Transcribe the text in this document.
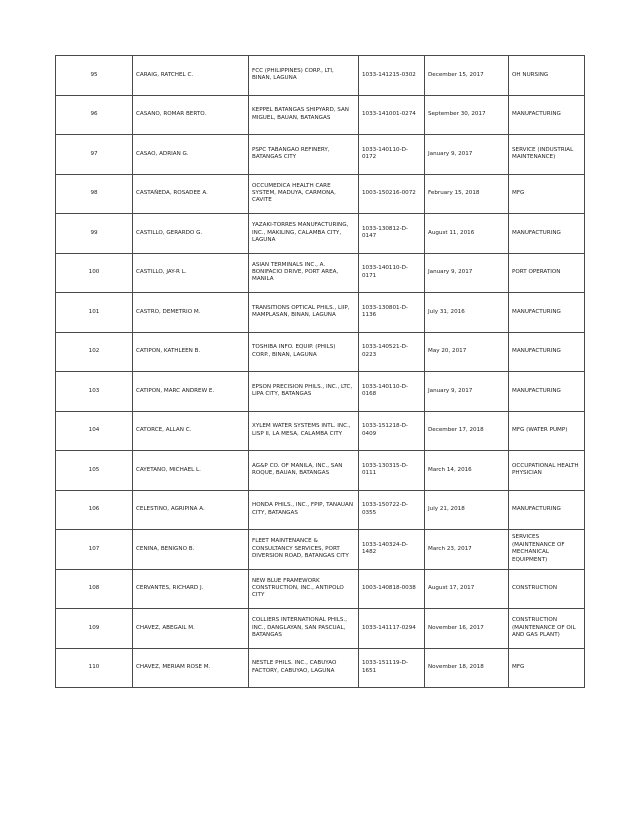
95	CARAIG, RATCHEL C.	FCC (PHILIPPINES) CORP., LTI, BINAN, LAGUNA	1033-141215-0302	December 15, 2017	OH NURSING
96	CASANO, ROMAR BERTO.	KEPPEL BATANGAS SHIPYARD, SAN MIGUEL, BAUAN, BATANGAS	1033-141001-0274	September 30, 2017	MANUFACTURING
97	CASAO, ADRIAN G.	PSPC TABANGAO REFINERY, BATANGAS CITY	1033-140110-D-0172	January 9, 2017	SERVICE (INDUSTRIAL MAINTENANCE)
98	CASTAÑEDA, ROSADEE A.	OCCUMEDICA HEALTH CARE SYSTEM, MADUYA, CARMONA, CAVITE	1003-150216-0072	February 15, 2018	MFG
99	CASTILLO, GERARDO G.	YAZAKI-TORRES MANUFACTURING, INC., MAKILING, CALAMBA CITY, LAGUNA	1033-130812-D-0147	August 11, 2016	MANUFACTURING
100	CASTILLO, JAY-R L.	ASIAN TERMINALS INC., A. BONIFACIO DRIVE, PORT AREA, MANILA	1033-140110-D-0171	January 9, 2017	PORT OPERATION
101	CASTRO, DEMETRIO M.	TRANSITIONS OPTICAL PHILS., LIIP, MAMPLASAN, BINAN, LAGUNA	1033-130801-D-1136	July 31, 2016	MANUFACTURING
102	CATIPON, KATHLEEN B.	TOSHIBA INFO. EQUIP. (PHILS) CORP., BINAN, LAGUNA	1033-140521-D-0223	May 20, 2017	MANUFACTURING
103	CATIPON, MARC ANDREW E.	EPSON PRECISION PHILS., INC., LTC, LIPA CITY, BATANGAS	1033-140110-D-0168	January 9, 2017	MANUFACTURING
104	CATORCE, ALLAN C.	XYLEM WATER SYSTEMS INTL. INC., LISP II, LA MESA, CALAMBA CITY	1033-151218-D-0409	December 17, 2018	MFG (WATER PUMP)
105	CAYETANO, MICHAEL L.	AG&P CO. OF MANILA, INC., SAN ROQUE, BAUAN, BATANGAS	1033-130315-D-0111	March 14, 2016	OCCUPATIONAL HEALTH PHYSICIAN
106	CELESTINO, AGRIPINA A.	HONDA PHILS., INC., FPIP, TANAUAN CITY, BATANGAS	1033-150722-D-0355	July 21, 2018	MANUFACTURING
107	CENINA, BENIGNO B.	FLEET MAINTENANCE & CONSULTANCY SERVICES, PORT DIVERSION ROAD, BATANGAS CITY	1033-140324-D-1482	March 23, 2017	SERVICES (MAINTENANCE OF MECHANICAL EQUIPMENT)
108	CERVANTES, RICHARD J.	NEW BLUE FRAMEWORK CONSTRUCTION, INC., ANTIPOLO CITY	1003-140818-0038	August 17, 2017	CONSTRUCTION
109	CHAVEZ, ABEGAIL M.	COLLIERS INTERNATIONAL PHILS., INC., DANGLAYAN, SAN PASCUAL, BATANGAS	1033-141117-0294	November 16, 2017	CONSTRUCTION (MAINTENANCE OF OIL AND GAS PLANT)
110	CHAVEZ, MERIAM ROSE M.	NESTLE PHILS. INC., CABUYAO FACTORY, CABUYAO, LAGUNA	1033-151119-D-1651	November 18, 2018	MFG
